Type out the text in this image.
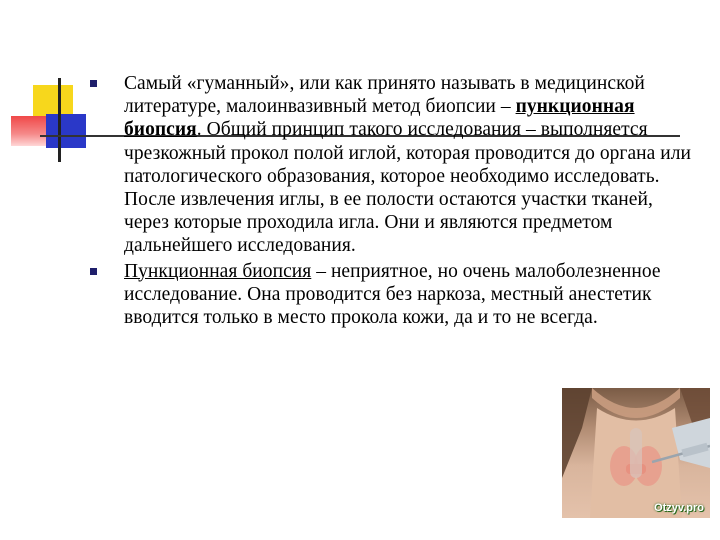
Самый «гуманный», или как принято называть в медицинской литературе, малоинвазивный метод биопсии – пункционная биопсия. Общий принцип такого исследования – выполняется чрезкожный прокол полой иглой, которая проводится до органа или патологического образования, которое необходимо исследовать. После извлечения иглы, в ее полости остаются участки тканей, через которые проходила игла. Они и являются предметом дальнейшего исследования.
Пункционная биопсия – неприятное, но очень малоболезненное исследование. Она проводится без наркоза, местный анестетик вводится только в место прокола кожи, да и то не всегда.
Otzyv.pro
